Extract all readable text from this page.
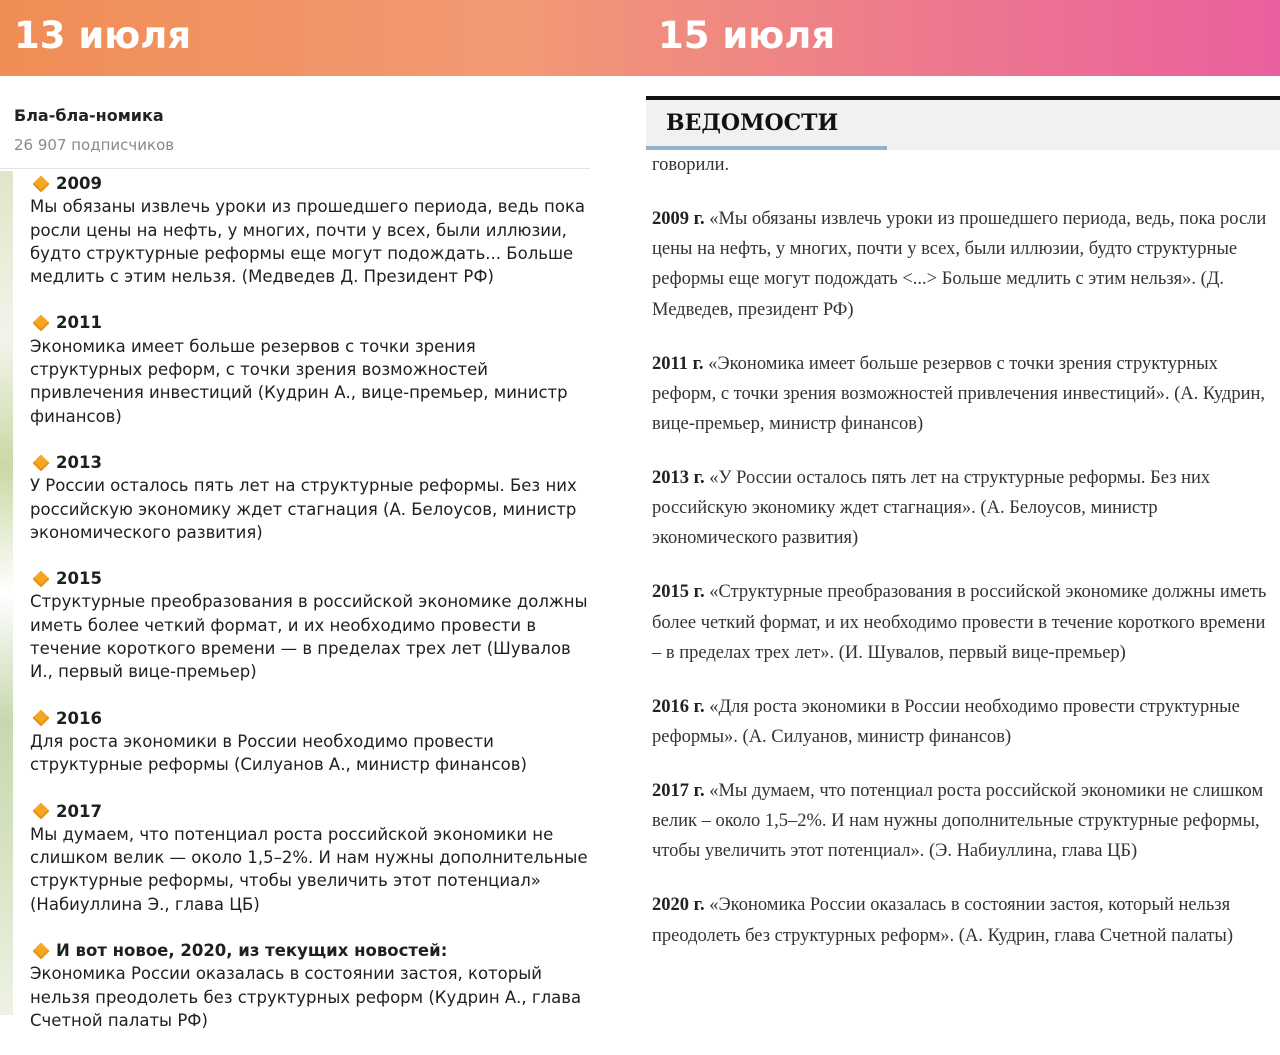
13 июля	15 июля
Бла-бла-номика
26 907 подписчиков
2009
Мы обязаны извлечь уроки из прошедшего периода, ведь пока росли цены на нефть, у многих, почти у всех, были иллюзии, будто структурные реформы еще могут подождать... Больше медлить с этим нельзя. (Медведев Д. Президент РФ)
2011
Экономика имеет больше резервов с точки зрения структурных реформ, с точки зрения возможностей привлечения инвестиций (Кудрин А., вице-премьер, министр финансов)
2013
У России осталось пять лет на структурные реформы. Без них российскую экономику ждет стагнация (А. Белоусов, министр экономического развития)
2015
Структурные преобразования в российской экономике должны иметь более четкий формат, и их необходимо провести в течение короткого времени — в пределах трех лет (Шувалов И., первый вице-премьер)
2016
Для роста экономики в России необходимо провести структурные реформы (Силуанов А., министр финансов)
2017
Мы думаем, что потенциал роста российской экономики не слишком велик — около 1,5–2%. И нам нужны дополнительные структурные реформы, чтобы увеличить этот потенциал» (Набиуллина Э., глава ЦБ)
И вот новое, 2020, из текущих новостей:
Экономика России оказалась в состоянии застоя, который нельзя преодолеть без структурных реформ (Кудрин А., глава Счетной палаты РФ)
ВЕДОМОСТИ

говорили.

2009 г. «Мы обязаны извлечь уроки из прошедшего периода, ведь, пока росли цены на нефть, у многих, почти у всех, были иллюзии, будто структурные реформы еще могут подождать <...> Больше медлить с этим нельзя». (Д. Медведев, президент РФ)

2011 г. «Экономика имеет больше резервов с точки зрения структурных реформ, с точки зрения возможностей привлечения инвестиций». (А. Кудрин, вице-премьер, министр финансов)

2013 г. «У России осталось пять лет на структурные реформы. Без них российскую экономику ждет стагнация». (А. Белоусов, министр экономического развития)

2015 г. «Структурные преобразования в российской экономике должны иметь более четкий формат, и их необходимо провести в течение короткого времени – в пределах трех лет». (И. Шувалов, первый вице-премьер)

2016 г. «Для роста экономики в России необходимо провести структурные реформы». (А. Силуанов, министр финансов)

2017 г. «Мы думаем, что потенциал роста российской экономики не слишком велик – около 1,5–2%. И нам нужны дополнительные структурные реформы, чтобы увеличить этот потенциал». (Э. Набиуллина, глава ЦБ)

2020 г. «Экономика России оказалась в состоянии застоя, который нельзя преодолеть без структурных реформ». (А. Кудрин, глава Счетной палаты)
